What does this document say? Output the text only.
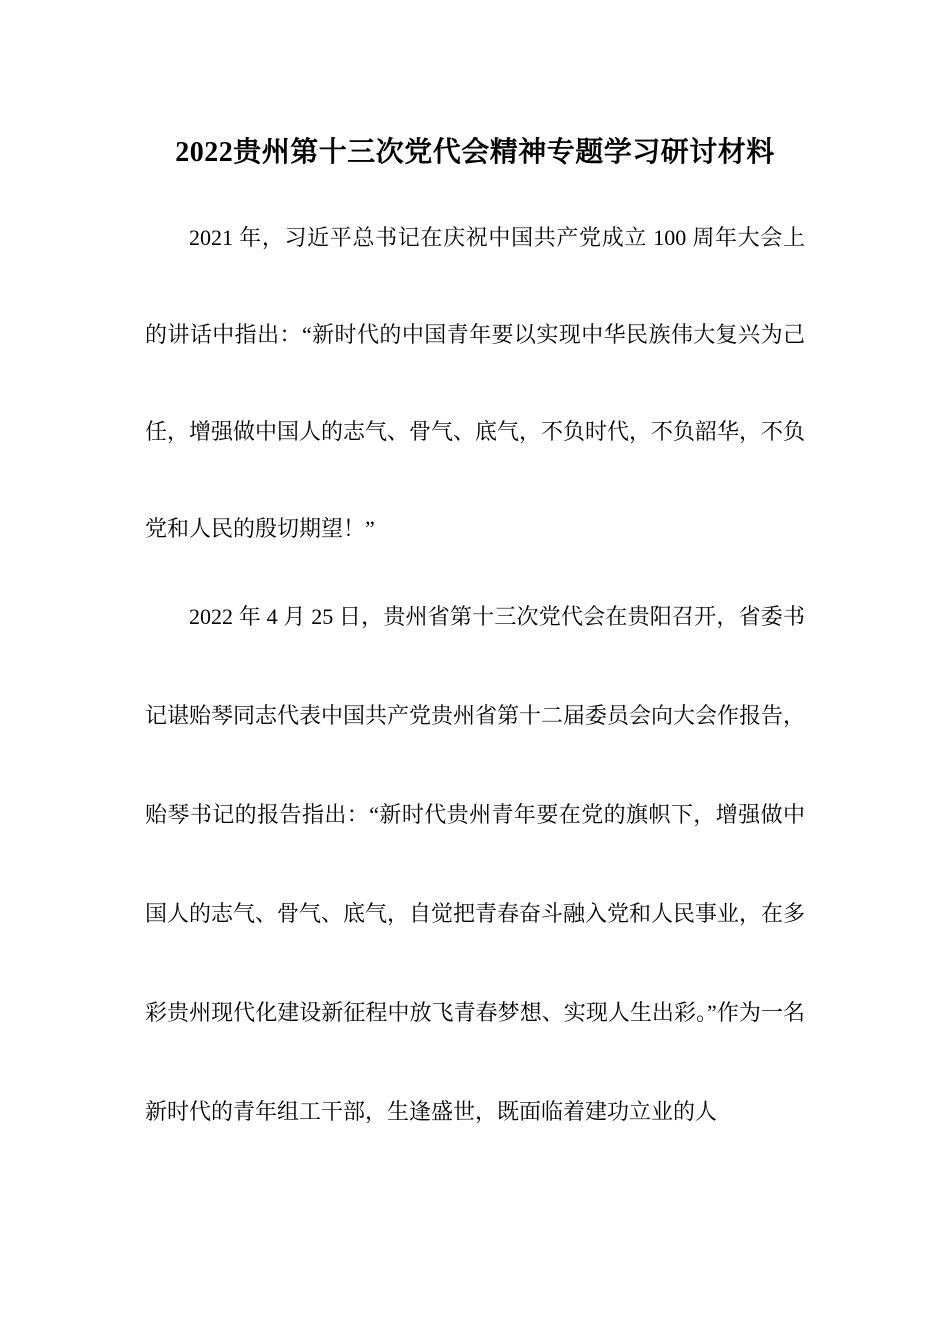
2022贵州第十三次党代会精神专题学习研讨材料

2021 年，习近平总书记在庆祝中国共产党成立 100 周年大会上的讲话中指出：“新时代的中国青年要以实现中华民族伟大复兴为己任，增强做中国人的志气、骨气、底气，不负时代，不负韶华，不负党和人民的殷切期望！”

2022 年 4 月 25 日，贵州省第十三次党代会在贵阳召开，省委书记谌贻琴同志代表中国共产党贵州省第十二届委员会向大会作报告，贻琴书记的报告指出：“新时代贵州青年要在党的旗帜下，增强做中国人的志气、骨气、底气，自觉把青春奋斗融入党和人民事业，在多彩贵州现代化建设新征程中放飞青春梦想、实现人生出彩。”作为一名新时代的青年组工干部，生逢盛世，既面临着建功立业的人
